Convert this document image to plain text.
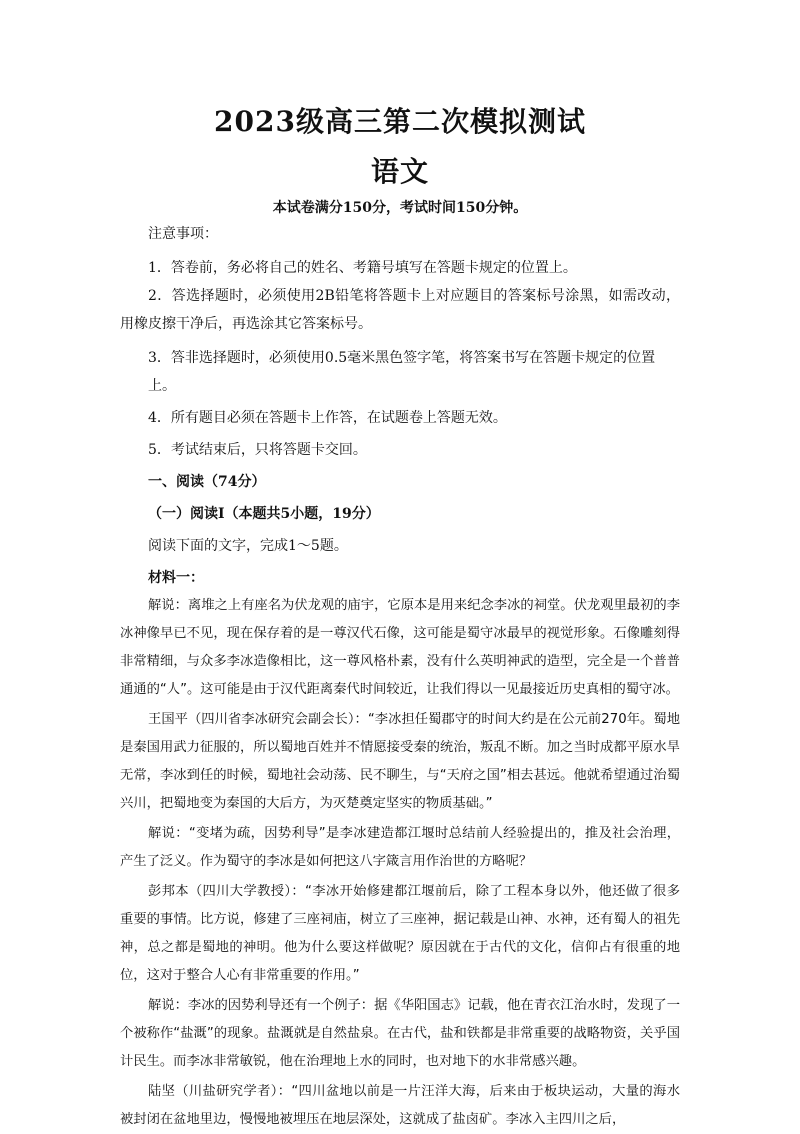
2023级高三第二次模拟测试
语文
本试卷满分150分，考试时间150分钟。

注意事项：

1．答卷前，务必将自己的姓名、考籍号填写在答题卡规定的位置上。

2．答选择题时，必须使用2B铅笔将答题卡上对应题目的答案标号涂黑，如需改动，用橡皮擦干净后，再选涂其它答案标号。

3．答非选择题时，必须使用0.5毫米黑色签字笔，将答案书写在答题卡规定的位置上。

4．所有题目必须在答题卡上作答，在试题卷上答题无效。

5．考试结束后，只将答题卡交回。

一、阅读（74分）

（一）阅读Ⅰ（本题共5小题，19分）

阅读下面的文字，完成1～5题。

材料一：

解说：离堆之上有座名为伏龙观的庙宇，它原本是用来纪念李冰的祠堂。伏龙观里最初的李冰神像早已不见，现在保存着的是一尊汉代石像，这可能是蜀守冰最早的视觉形象。石像雕刻得非常精细，与众多李冰造像相比，这一尊风格朴素，没有什么英明神武的造型，完全是一个普普通通的“人”。这可能是由于汉代距离秦代时间较近，让我们得以一见最接近历史真相的蜀守冰。

王国平（四川省李冰研究会副会长）：“李冰担任蜀郡守的时间大约是在公元前270年。蜀地是秦国用武力征服的，所以蜀地百姓并不情愿接受秦的统治，叛乱不断。加之当时成都平原水旱无常，李冰到任的时候，蜀地社会动荡、民不聊生，与“天府之国”相去甚远。他就希望通过治蜀兴川，把蜀地变为秦国的大后方，为灭楚奠定坚实的物质基础。”

解说：“变堵为疏，因势利导”是李冰建造都江堰时总结前人经验提出的，推及社会治理，产生了泛义。作为蜀守的李冰是如何把这八字箴言用作治世的方略呢？

彭邦本（四川大学教授）：“李冰开始修建都江堰前后，除了工程本身以外，他还做了很多重要的事情。比方说，修建了三座祠庙，树立了三座神，据记载是山神、水神，还有蜀人的祖先神，总之都是蜀地的神明。他为什么要这样做呢？原因就在于古代的文化，信仰占有很重的地位，这对于整合人心有非常重要的作用。”

解说：李冰的因势利导还有一个例子：据《华阳国志》记载，他在青衣江治水时，发现了一个被称作“盐溉”的现象。盐溉就是自然盐泉。在古代，盐和铁都是非常重要的战略物资，关乎国计民生。而李冰非常敏锐，他在治理地上水的同时，也对地下的水非常感兴趣。

陆坚（川盐研究学者）：“四川盆地以前是一片汪洋大海，后来由于板块运动，大量的海水被封闭在盆地里边，慢慢地被埋压在地层深处，这就成了盐卤矿。李冰入主四川之后，
